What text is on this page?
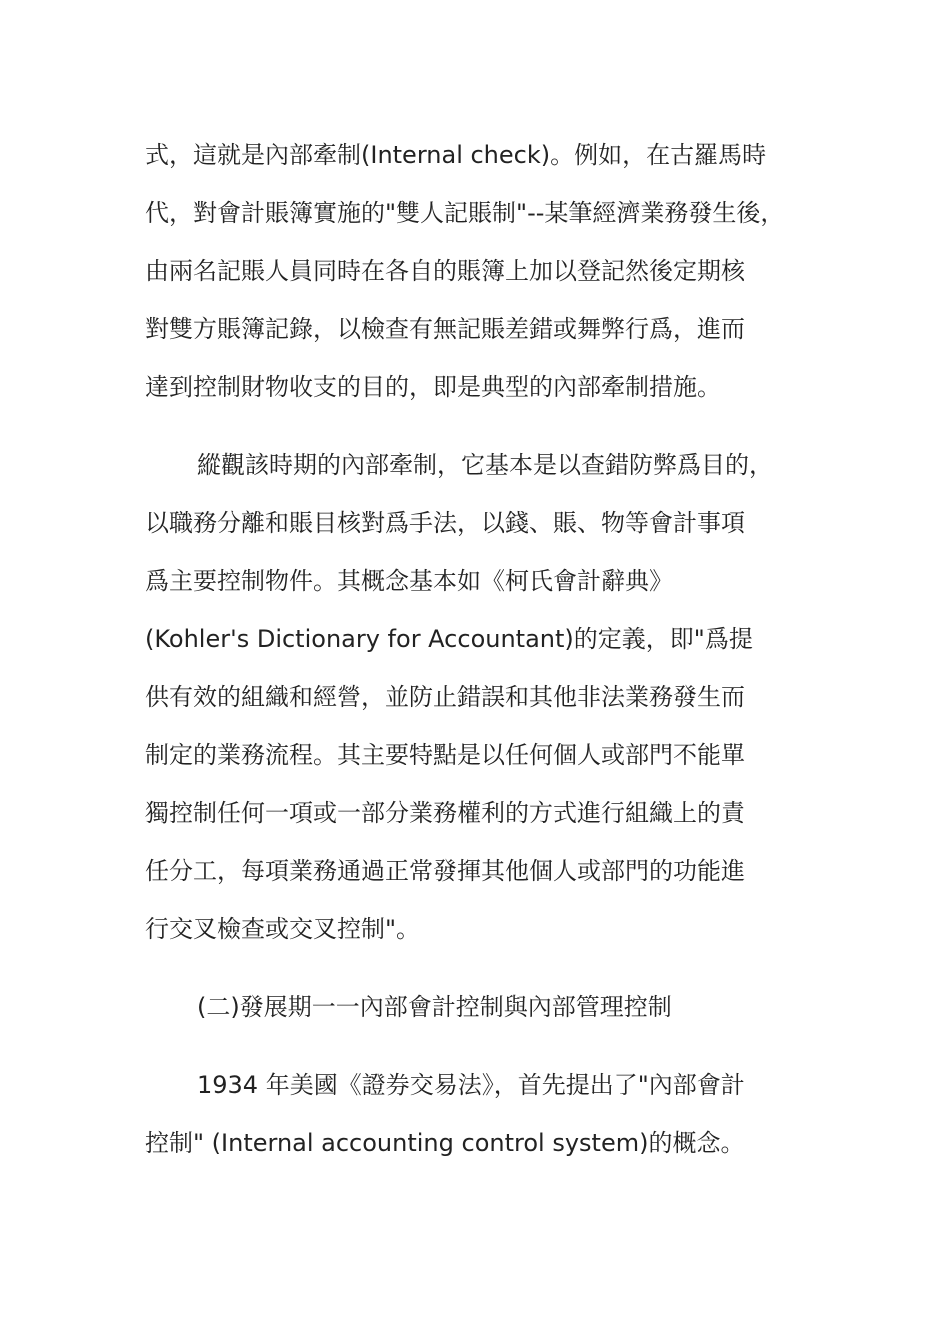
式，這就是內部牽制(Internal check)。例如，在古羅馬時
代，對會計賬簿實施的"雙人記賬制"--某筆經濟業務發生後，
由兩名記賬人員同時在各自的賬簿上加以登記然後定期核
對雙方賬簿記錄，以檢查有無記賬差錯或舞弊行爲，進而
達到控制財物收支的目的，即是典型的內部牽制措施。
縱觀該時期的內部牽制，它基本是以查錯防弊爲目的，
以職務分離和賬目核對爲手法，以錢、賬、物等會計事項
爲主要控制物件。其概念基本如《柯氏會計辭典》
(Kohler's Dictionary for Accountant)的定義，即"爲提
供有效的組織和經營，並防止錯誤和其他非法業務發生而
制定的業務流程。其主要特點是以任何個人或部門不能單
獨控制任何一項或一部分業務權利的方式進行組織上的責
任分工，每項業務通過正常發揮其他個人或部門的功能進
行交叉檢查或交叉控制"。
(二)發展期一一內部會計控制與內部管理控制
1934 年美國《證券交易法》，首先提出了"內部會計
控制" (Internal accounting control system)的概念。
